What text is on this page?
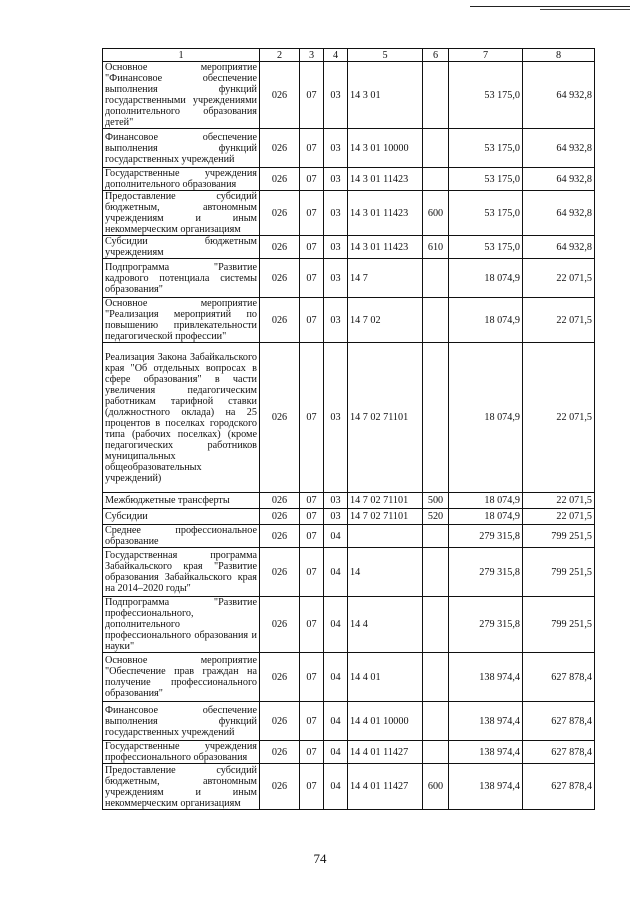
1	2	3	4	5	6	7	8
Основное мероприятие "Финансовое обеспечение выполнения функций государственными учреждениями дополнительного образования детей"	026	07	03	14 3 01		53 175,0	64 932,8
Финансовое обеспечение выполнения функций государственных учреждений	026	07	03	14 3 01 10000		53 175,0	64 932,8
Государственные учреждения дополнительного образования	026	07	03	14 3 01 11423		53 175,0	64 932,8
Предоставление субсидий бюджетным, автономным учреждениям и иным некоммерческим организациям	026	07	03	14 3 01 11423	600	53 175,0	64 932,8
Субсидии бюджетным учреждениям	026	07	03	14 3 01 11423	610	53 175,0	64 932,8
Подпрограмма "Развитие кадрового потенциала системы образования"	026	07	03	14 7		18 074,9	22 071,5
Основное мероприятие "Реализация мероприятий по повышению привлекательности педагогической профессии"	026	07	03	14 7 02		18 074,9	22 071,5
Реализация Закона Забайкальского края "Об отдельных вопросах в сфере образования" в части увеличения педагогическим работникам тарифной ставки (должностного оклада) на 25 процентов в поселках городского типа (рабочих поселках) (кроме педагогических работников муниципальных общеобразовательных учреждений)	026	07	03	14 7 02 71101		18 074,9	22 071,5
Межбюджетные трансферты	026	07	03	14 7 02 71101	500	18 074,9	22 071,5
Субсидии	026	07	03	14 7 02 71101	520	18 074,9	22 071,5
Среднее профессиональное образование	026	07	04			279 315,8	799 251,5
Государственная программа Забайкальского края "Развитие образования Забайкальского края на 2014–2020 годы"	026	07	04	14		279 315,8	799 251,5
Подпрограмма "Развитие профессионального, дополнительного профессионального образования и науки"	026	07	04	14 4		279 315,8	799 251,5
Основное мероприятие "Обеспечение прав граждан на получение профессионального образования"	026	07	04	14 4 01		138 974,4	627 878,4
Финансовое обеспечение выполнения функций государственных учреждений	026	07	04	14 4 01 10000		138 974,4	627 878,4
Государственные учреждения профессионального образования	026	07	04	14 4 01 11427		138 974,4	627 878,4
Предоставление субсидий бюджетным, автономным учреждениям и иным некоммерческим организациям	026	07	04	14 4 01 11427	600	138 974,4	627 878,4
74
